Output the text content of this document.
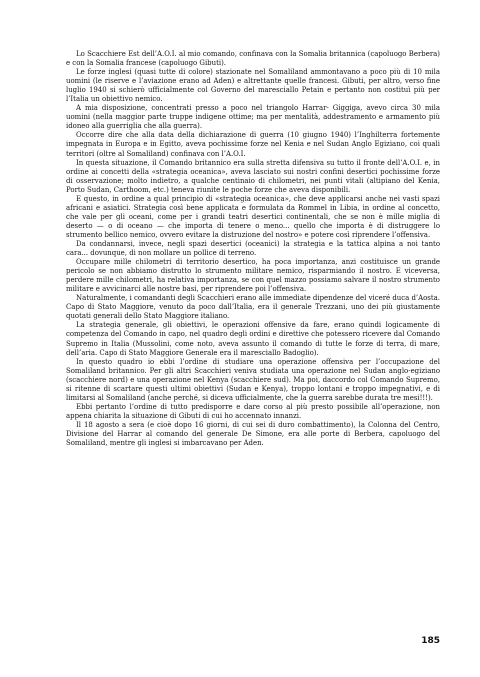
Lo Scacchiere Est dell’A.O.I. al mio comando, confinava con la Somalia britannica (capoluogo Berbera) e con la Somalia francese (capoluogo Gibuti).

Le forze inglesi (quasi tutte di colore) stazionate nel Somaliland ammontavano a poco più di 10 mila uomini (le riserve e l’aviazione erano ad Aden) e altrettante quelle francesi. Gibuti, per altro, verso fine luglio 1940 si schierò ufficialmente col Governo del maresciallo Petain e pertanto non costituì più per l’Italia un obiettivo nemico.

A mia disposizione, concentrati presso a poco nel triangolo Harrar- Giggiga, avevo circa 30 mila uomini (nella maggior parte truppe indigene ottime; ma per mentalità, addestramento e armamento più idoneo alla guerriglia che alla guerra).

Occorre dire che alla data della dichiarazione di guerra (10 giugno 1940) l’Inghilterra fortemente impegnata in Europa e in Egitto, aveva pochissime forze nel Kenia e nel Sudan Anglo Egiziano, coi quali territori (oltre al Somaliland) confinava con l’A.O.I.

In questa situazione, il Comando britannico era sulla stretta difensiva su tutto il fronte dell’A.O.I. e, in ordine ai concetti della «strategia oceanica», aveva lasciato sui nostri confini desertici pochissime forze di osservazione; molto indietro, a qualche centinaio di chilometri, nei punti vitali (altipiano del Kenia, Porto Sudan, Carthoom, etc.) teneva riunite le poche forze che aveva disponibili.

E questo, in ordine a qual principio di «strategia oceanica», che deve applicarsi anche nei vasti spazi africani e asiatici. Strategia così bene applicata e formulata da Rommel in Libia, in ordine al concetto, che vale per gli oceani, come per i grandi teatri desertici continentali, che se non è mille miglia di deserto — o di oceano — che importa di tenere o meno... quello che importa è di distruggere lo strumento bellico nemico, ovvero evitare la distruzione del nostro» e potere così riprendere l’offensiva.

Da condannarsi, invece, negli spazi desertici (oceanici) la strategia e la tattica alpina a noi tanto cara... dovunque, di non mollare un pollice di terreno.

Occupare mille chilometri di territorio desertico, ha poca importanza, anzi costituisce un grande pericolo se non abbiamo distrutto lo strumento militare nemico, risparmiando il nostro. E viceversa, perdere mille chilometri, ha relativa importanza, se con quel mazzo possiamo salvare il nostro strumento militare e avvicinarci alle nostre basi, per riprendere poi l’offensiva.

Naturalmente, i comandanti degli Scacchieri erano alle immediate dipendenze del viceré duca d’Aosta. Capo di Stato Maggiore, venuto da poco dall’Italia, era il generale Trezzani, uno dei più giustamente quotati generali dello Stato Maggiore italiano.

La strategia generale, gli obiettivi, le operazioni offensive da fare, erano quindi logicamente di competenza del Comando in capo, nel quadro degli ordini e direttive che potessero ricevere dal Comando Supremo in Italia (Mussolini, come noto, aveva assunto il comando di tutte le forze di terra, di mare, dell’aria. Capo di Stato Maggiore Generale era il maresciallo Badoglio).

In questo quadro io ebbi l’ordine di studiare una operazione offensiva per l’occupazione del Somaliland britannico. Per gli altri Scacchieri veniva studiata una operazione nel Sudan anglo-egiziano (scacchiere nord) e una operazione nel Kenya (scacchiere sud). Ma poi, daccordo col Comando Supremo, si ritenne di scartare questi ultimi obiettivi (Sudan e Kenya), troppo lontani e troppo impegnativi, e di limitarsi al Somaliland (anche perché, si diceva ufficialmente, che la guerra sarebbe durata tre mesi!!!).

Ebbi pertanto l’ordine di tutto predisporre e dare corso al più presto possibile all’operazione, non appena chiarita la situazione di Gibuti di cui ho accennato innanzi.

Il 18 agosto a sera (e cioè dopo 16 giorni, di cui sei di duro combattimento), la Colonna del Centro, Divisione del Harrar al comando del generale De Simone, era alle porte di Berbera, capoluogo del Somaliland, mentre gli inglesi si imbarcavano per Aden.

185
